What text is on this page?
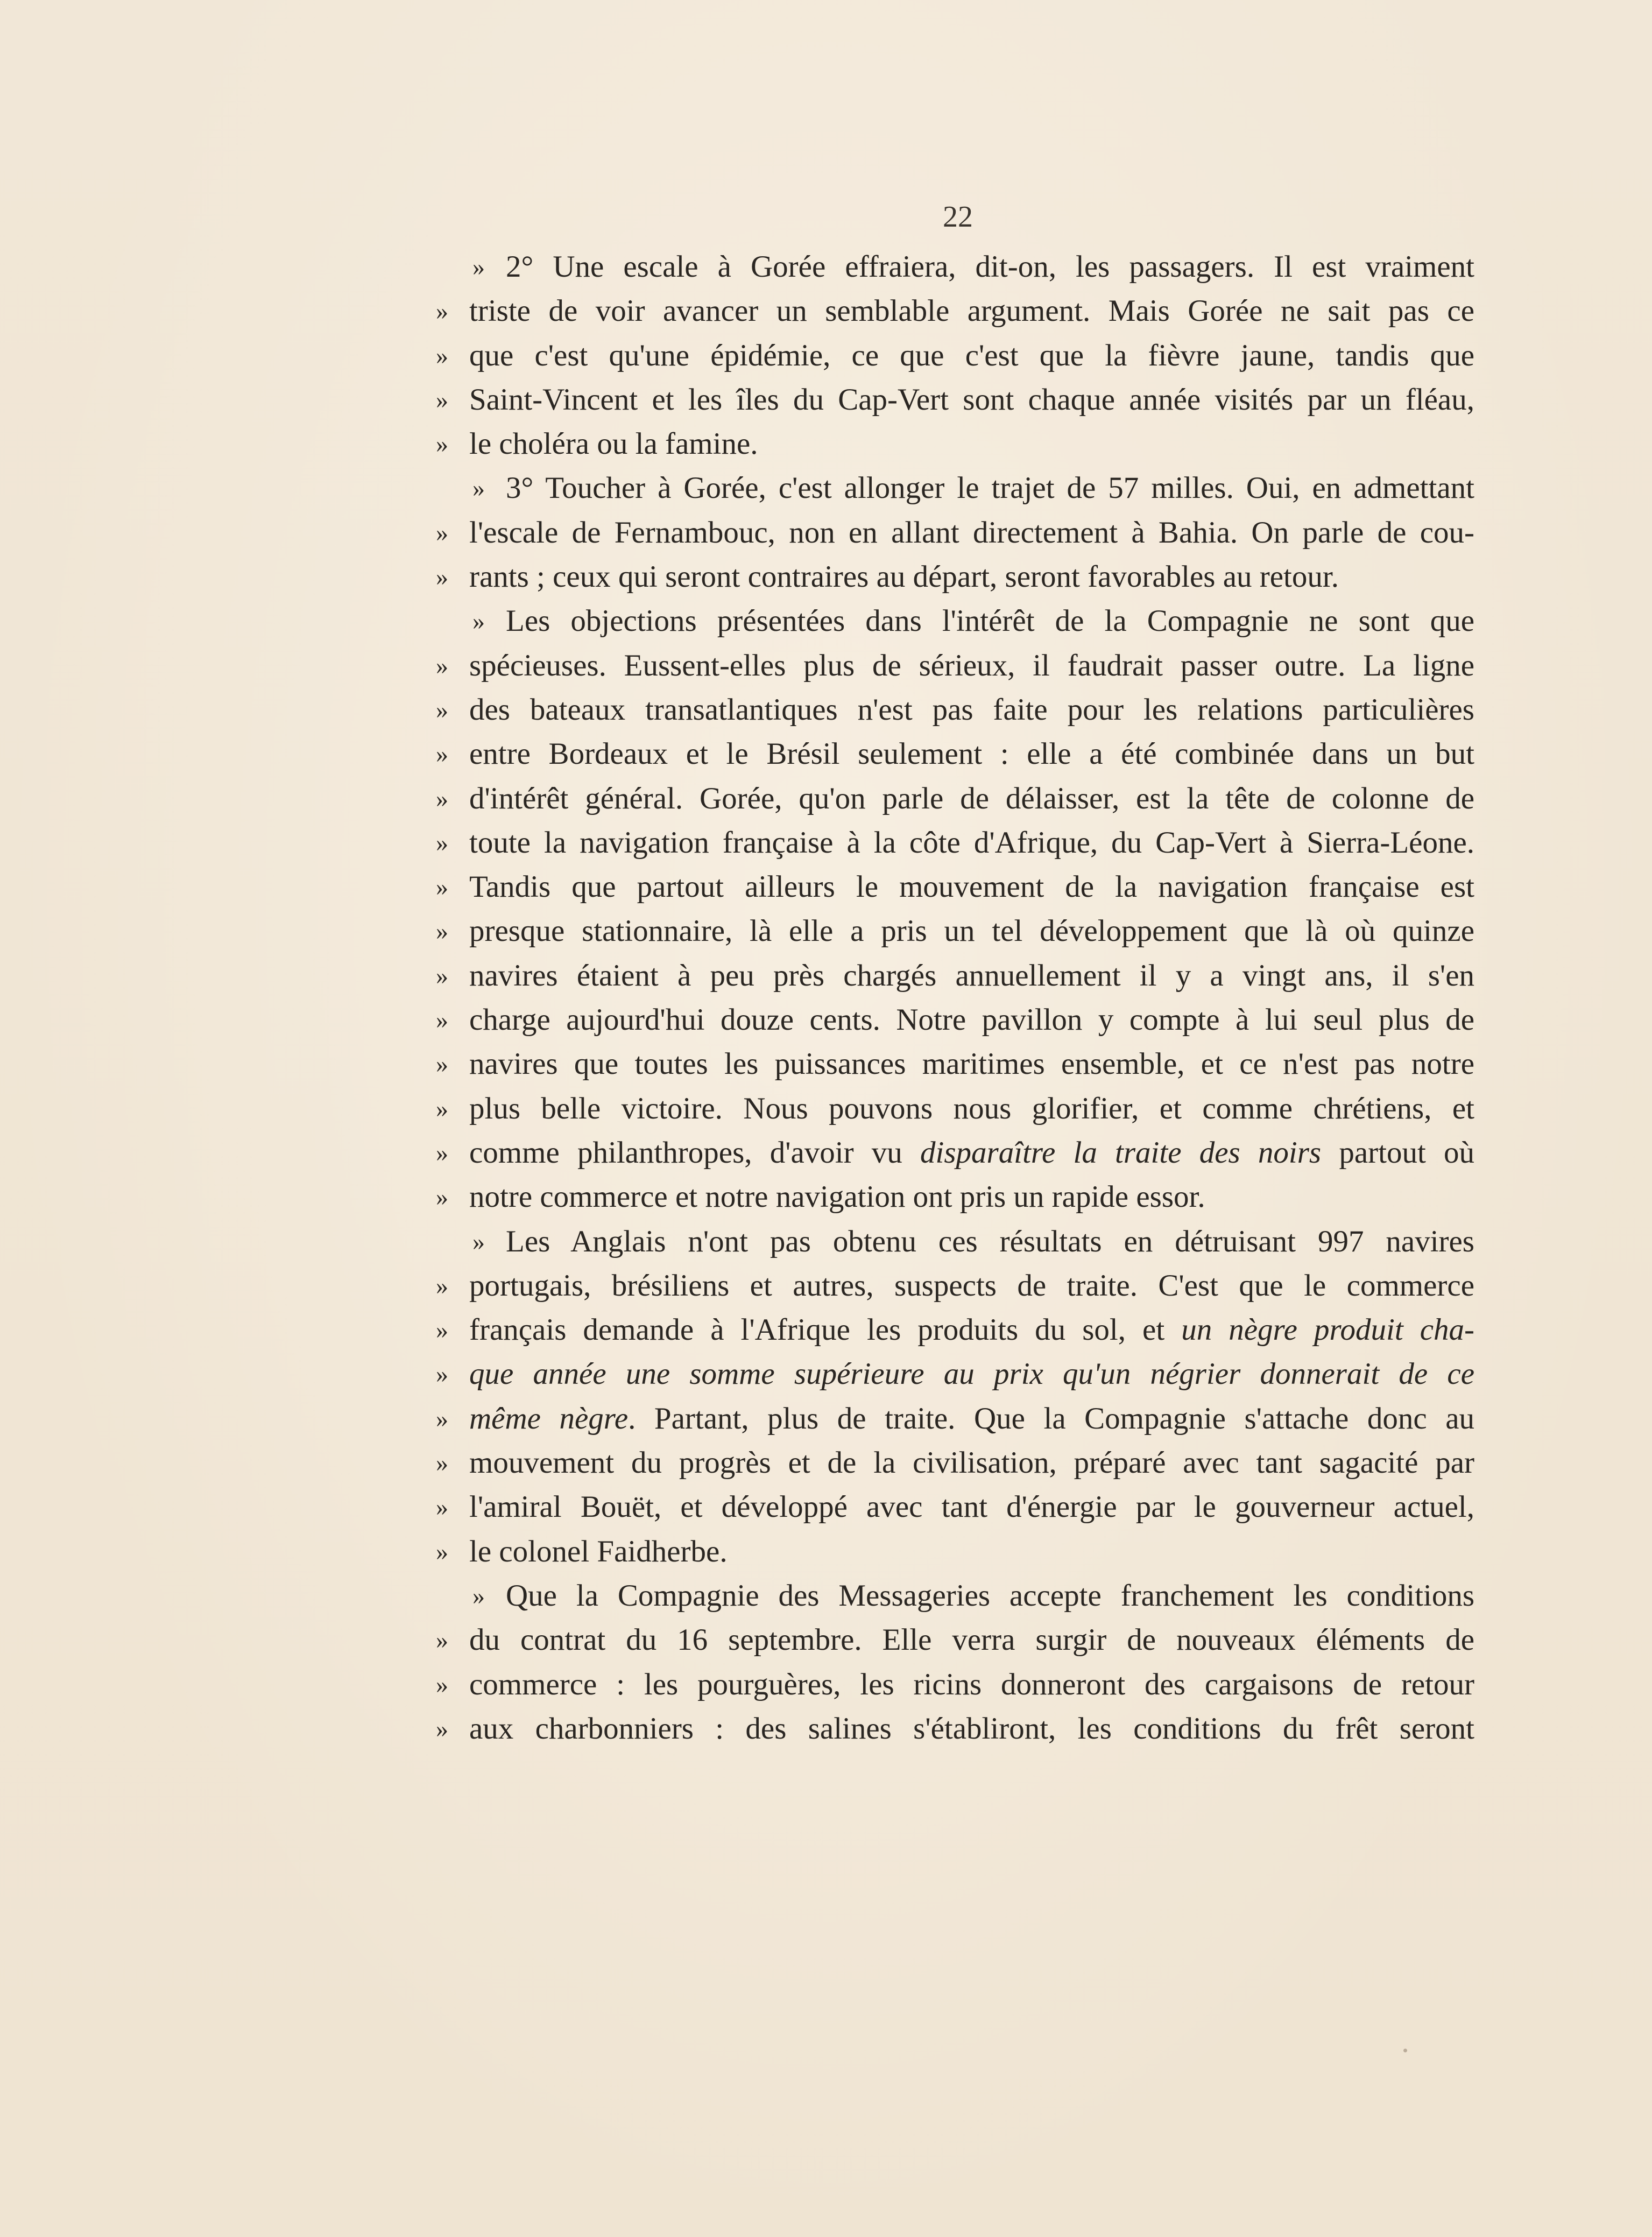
22
» 2° Une escale à Gorée effraiera, dit-on, les passagers. Il est vraiment
» triste de voir avancer un semblable argument. Mais Gorée ne sait pas ce
» que c'est qu'une épidémie, ce que c'est que la fièvre jaune, tandis que
» Saint-Vincent et les îles du Cap-Vert sont chaque année visités par un fléau,
» le choléra ou la famine.
» 3° Toucher à Gorée, c'est allonger le trajet de 57 milles. Oui, en admettant
» l'escale de Fernambouc, non en allant directement à Bahia. On parle de cou-
» rants ; ceux qui seront contraires au départ, seront favorables au retour.
» Les objections présentées dans l'intérêt de la Compagnie ne sont que
» spécieuses. Eussent-elles plus de sérieux, il faudrait passer outre. La ligne
» des bateaux transatlantiques n'est pas faite pour les relations particulières
» entre Bordeaux et le Brésil seulement : elle a été combinée dans un but
» d'intérêt général. Gorée, qu'on parle de délaisser, est la tête de colonne de
» toute la navigation française à la côte d'Afrique, du Cap-Vert à Sierra-Léone.
» Tandis que partout ailleurs le mouvement de la navigation française est
» presque stationnaire, là elle a pris un tel développement que là où quinze
» navires étaient à peu près chargés annuellement il y a vingt ans, il s'en
» charge aujourd'hui douze cents. Notre pavillon y compte à lui seul plus de
» navires que toutes les puissances maritimes ensemble, et ce n'est pas notre
» plus belle victoire. Nous pouvons nous glorifier, et comme chrétiens, et
» comme philanthropes, d'avoir vu disparaître la traite des noirs partout où
» notre commerce et notre navigation ont pris un rapide essor.
» Les Anglais n'ont pas obtenu ces résultats en détruisant 997 navires
» portugais, brésiliens et autres, suspects de traite. C'est que le commerce
» français demande à l'Afrique les produits du sol, et un nègre produit cha-
» que année une somme supérieure au prix qu'un négrier donnerait de ce
» même nègre. Partant, plus de traite. Que la Compagnie s'attache donc au
» mouvement du progrès et de la civilisation, préparé avec tant sagacité par
» l'amiral Bouët, et développé avec tant d'énergie par le gouverneur actuel,
» le colonel Faidherbe.
» Que la Compagnie des Messageries accepte franchement les conditions
» du contrat du 16 septembre. Elle verra surgir de nouveaux éléments de
» commerce : les pourguères, les ricins donneront des cargaisons de retour
» aux charbonniers : des salines s'établiront, les conditions du frêt seront
